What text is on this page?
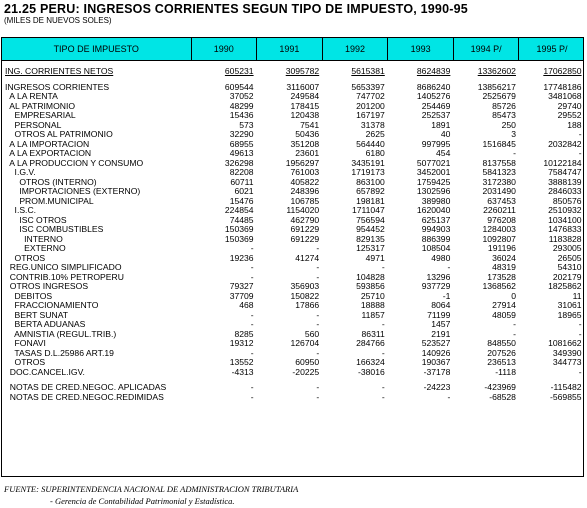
21.25 PERU: INGRESOS CORRIENTES SEGUN TIPO DE IMPUESTO, 1990-95
(MILES DE NUEVOS SOLES)
TIPO DE IMPUESTO	1990	1991	1992	1993	1994 P/	1995 P/

ING. CORRIENTES NETOS	605231	3095782	5615381	8624839	13362602	17062850

INGRESOS CORRIENTES	609544	3116007	5653397	8686240	13856217	17748186
A LA RENTA	37052	249584	747702	1405276	2525679	3481068
AL PATRIMONIO	48299	178415	201200	254469	85726	29740
EMPRESARIAL	15436	120438	167197	252537	85473	29552
PERSONAL	573	7541	31378	1891	250	188
OTROS AL PATRIMONIO	32290	50436	2625	40	3	-
A LA IMPORTACION	68955	351208	564440	997995	1516845	2032842
A LA EXPORTACION	49613	23601	6180	454	-	-
A LA PRODUCCION Y CONSUMO	326298	1956297	3435191	5077021	8137558	10122184
I.G.V.	82208	761003	1719173	3452001	5841323	7584747
OTROS (INTERNO)	60711	405822	863100	1759425	3172380	3888139
IMPORTACIONES (EXTERNO)	6021	248396	657892	1302596	2031490	2846033
PROM.MUNICIPAL	15476	106785	198181	389980	637453	850576
I.S.C.	224854	1154020	1711047	1620040	2260211	2510932
ISC OTROS	74485	462790	756594	625137	976208	1034100
ISC COMBUSTIBLES	150369	691229	954452	994903	1284003	1476833
INTERNO	150369	691229	829135	886399	1092807	1183828
EXTERNO	-	-	125317	108504	191196	293005
OTROS	19236	41274	4971	4980	36024	26505
REG.UNICO SIMPLIFICADO	-	-	-	-	48319	54310
CONTRIB.10% PETROPERU	-	-	104828	13296	173528	202179
OTROS INGRESOS	79327	356903	593856	937729	1368562	1825862
DEBITOS	37709	150822	25710	-1	0	11
FRACCIONAMIENTO	468	17866	18888	8064	27914	31061
BERT SUNAT	-	-	11857	71199	48059	18965
BERTA ADUANAS	-	-	-	1457	-	-
AMNISTIA (REGUL.TRIB.)	8285	560	86311	2191	-	-
FONAVI	19312	126704	284766	523527	848550	1081662
TASAS D.L.25986 ART.19	-	-	-	140926	207526	349390
OTROS	13552	60950	166324	190367	236513	344773
DOC.CANCEL.IGV.	-4313	-20225	-38016	-37178	-1118	-

NOTAS DE CRED.NEGOC. APLICADAS	-	-	-	-24223	-423969	-115482
NOTAS DE CRED.NEGOC.REDIMIDAS	-	-	-	-	-68528	-569855
FUENTE: SUPERINTENDENCIA NACIONAL DE ADMINISTRACION TRIBUTARIA
- Gerencia de Contabilidad Patrimonial y Estadística.
